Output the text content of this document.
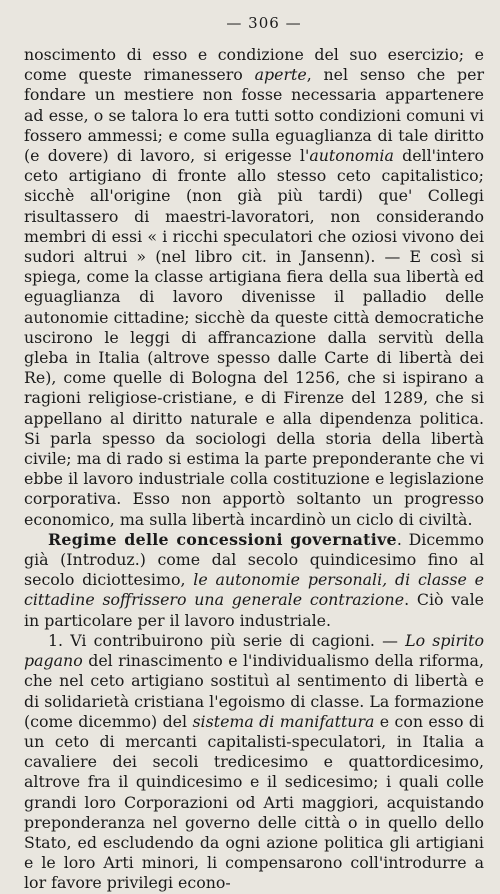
— 306 —

noscimento di esso e condizione del suo esercizio; e come queste rimanessero aperte, nel senso che per fondare un mestiere non fosse necessaria appartenere ad esse, o se talora lo era tutti sotto condizioni comuni vi fossero ammessi; e come sulla eguaglianza di tale diritto (e dovere) di lavoro, si erigesse l'autonomia dell'intero ceto artigiano di fronte allo stesso ceto capitalistico; sicchè all'origine (non già più tardi) que' Collegi risultassero di maestri-lavoratori, non considerando membri di essi « i ricchi speculatori che oziosi vivono dei sudori altrui » (nel libro cit. in Jansenn). — E così si spiega, come la classe artigiana fiera della sua libertà ed eguaglianza di lavoro divenisse il palladio delle autonomie cittadine; sicchè da queste città democratiche uscirono le leggi di affrancazione dalla servitù della gleba in Italia (altrove spesso dalle Carte di libertà dei Re), come quelle di Bologna del 1256, che si ispirano a ragioni religiose-cristiane, e di Firenze del 1289, che si appellano al diritto naturale e alla dipendenza politica. Si parla spesso da sociologi della storia della libertà civile; ma di rado si estima la parte preponderante che vi ebbe il lavoro industriale colla costituzione e legislazione corporativa. Esso non apportò soltanto un progresso economico, ma sulla libertà incardinò un ciclo di civiltà.

Regime delle concessioni governative. Dicemmo già (Introduz.) come dal secolo quindicesimo fino al secolo diciottesimo, le autonomie personali, di classe e cittadine soffrissero una generale contrazione. Ciò vale in particolare per il lavoro industriale.

1. Vi contribuirono più serie di cagioni. — Lo spirito pagano del rinascimento e l'individualismo della riforma, che nel ceto artigiano sostituì al sentimento di libertà e di solidarietà cristiana l'egoismo di classe. La formazione (come dicemmo) del sistema di manifattura e con esso di un ceto di mercanti capitalisti-speculatori, in Italia a cavaliere dei secoli tredicesimo e quattordicesimo, altrove fra il quindicesimo e il sedicesimo; i quali colle grandi loro Corporazioni od Arti maggiori, acquistando preponderanza nel governo delle città o in quello dello Stato, ed escludendo da ogni azione politica gli artigiani e le loro Arti minori, li compensarono coll'introdurre a lor favore privilegi econo-
